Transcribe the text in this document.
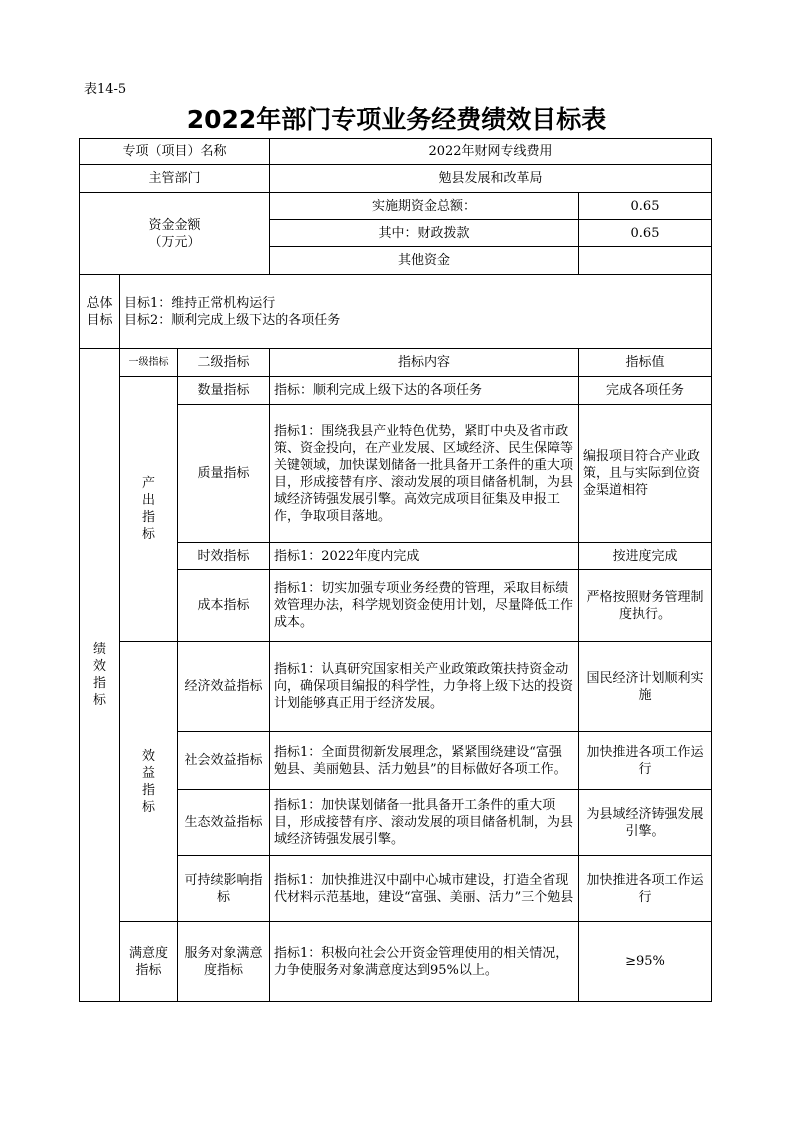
表14-5
2022年部门专项业务经费绩效目标表
专项（项目）名称			2022年财网专线费用	
主管部门			勉县发展和改革局	

资金金额
（万元）			实施期资金总额：	0.65
			其中：财政拨款	0.65
			其他资金	
总体目标	目标1：维持正常机构运行
目标2：顺利完成上级下达的各项任务			

绩效指标	一级指标	二级指标	指标内容	指标值
	产出指标	数量指标	指标：顺利完成上级下达的各项任务	完成各项任务
		质量指标	指标1：围绕我县产业特色优势，紧盯中央及省市政策、资金投向，在产业发展、区域经济、民生保障等关键领域，加快谋划储备一批具备开工条件的重大项目，形成接替有序、滚动发展的项目储备机制，为县域经济铸强发展引擎。高效完成项目征集及申报工作，争取项目落地。	编报项目符合产业政策，且与实际到位资金渠道相符
		时效指标	指标1：2022年度内完成	按进度完成
		成本指标	指标1：切实加强专项业务经费的管理，采取目标绩效管理办法，科学规划资金使用计划，尽量降低工作成本。	严格按照财务管理制度执行。
	效益指标	经济效益指标	指标1：认真研究国家相关产业政策政策扶持资金动向，确保项目编报的科学性，力争将上级下达的投资计划能够真正用于经济发展。	国民经济计划顺利实施
		社会效益指标	指标1：全面贯彻新发展理念，紧紧围绕建设“富强勉县、美丽勉县、活力勉县”的目标做好各项工作。	加快推进各项工作运行
		生态效益指标	指标1：加快谋划储备一批具备开工条件的重大项目，形成接替有序、滚动发展的项目储备机制，为县域经济铸强发展引擎。	为县域经济铸强发展引擎。
		可持续影响指标	指标1：加快推进汉中副中心城市建设，打造全省现代材料示范基地，建设“富强、美丽、活力”三个勉县	加快推进各项工作运行
	满意度指标	服务对象满意度指标	指标1：积极向社会公开资金管理使用的相关情况，力争使服务对象满意度达到95%以上。	≥95%
